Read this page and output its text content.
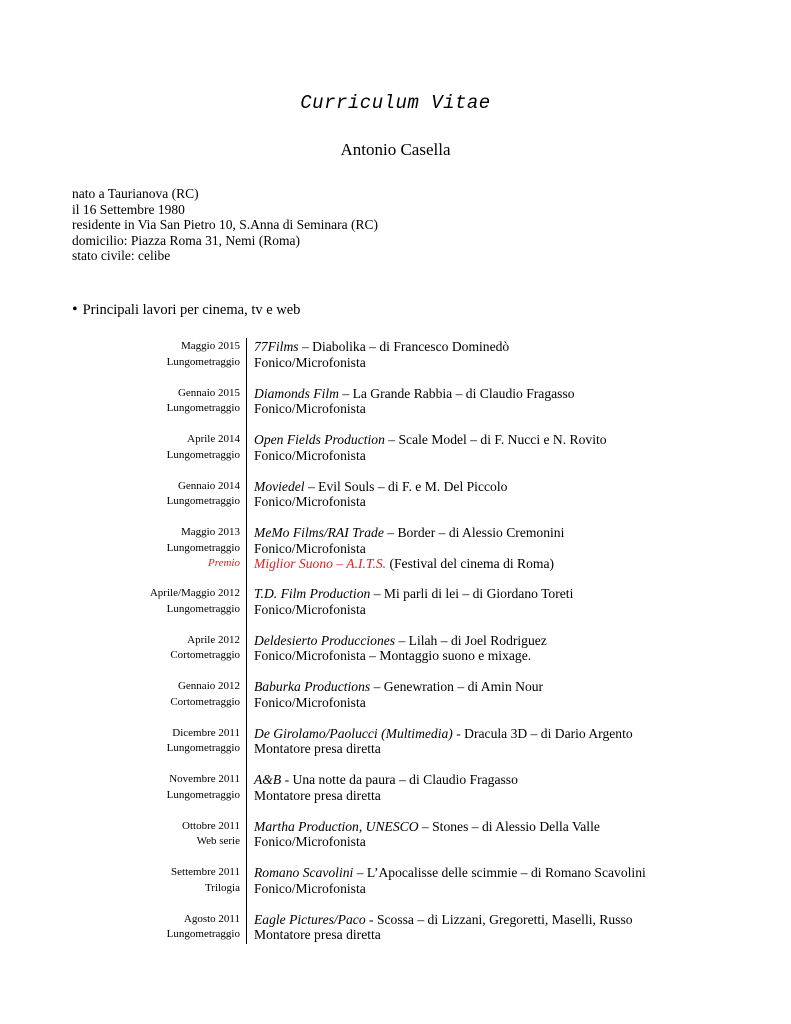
Curriculum Vitae
Antonio Casella
nato a Taurianova (RC)
il 16 Settembre 1980
residente in Via San Pietro 10, S.Anna di Seminara (RC)
domicilio: Piazza Roma 31, Nemi (Roma)
stato civile: celibe
• Principali lavori per cinema, tv e web
Maggio 2015
Lungometraggio
77Films – Diabolika – di Francesco Dominedò
Fonico/Microfonista
Gennaio 2015
Lungometraggio
Diamonds Film – La Grande Rabbia – di Claudio Fragasso
Fonico/Microfonista
Aprile 2014
Lungometraggio
Open Fields Production – Scale Model – di F. Nucci e N. Rovito
Fonico/Microfonista
Gennaio 2014
Lungometraggio
Moviedel – Evil Souls – di F. e M. Del Piccolo
Fonico/Microfonista
Maggio 2013
Lungometraggio
Premio
MeMo Films/RAI Trade – Border – di Alessio Cremonini
Fonico/Microfonista
Miglior Suono – A.I.T.S. (Festival del cinema di Roma)
Aprile/Maggio 2012
Lungometraggio
T.D. Film Production – Mi parli di lei – di Giordano Toreti
Fonico/Microfonista
Aprile 2012
Cortometraggio
Deldesierto Producciones – Lilah – di Joel Rodriguez
Fonico/Microfonista – Montaggio suono e mixage.
Gennaio 2012
Cortometraggio
Baburka Productions – Genewration – di Amin Nour
Fonico/Microfonista
Dicembre 2011
Lungometraggio
De Girolamo/Paolucci (Multimedia) - Dracula 3D – di Dario Argento
Montatore presa diretta
Novembre 2011
Lungometraggio
A&B - Una notte da paura – di Claudio Fragasso
Montatore presa diretta
Ottobre 2011
Web serie
Martha Production, UNESCO – Stones – di Alessio Della Valle
Fonico/Microfonista
Settembre 2011
Trilogia
Romano Scavolini – L’Apocalisse delle scimmie – di Romano Scavolini
Fonico/Microfonista
Agosto 2011
Lungometraggio
Eagle Pictures/Paco - Scossa – di Lizzani, Gregoretti, Maselli, Russo
Montatore presa diretta
